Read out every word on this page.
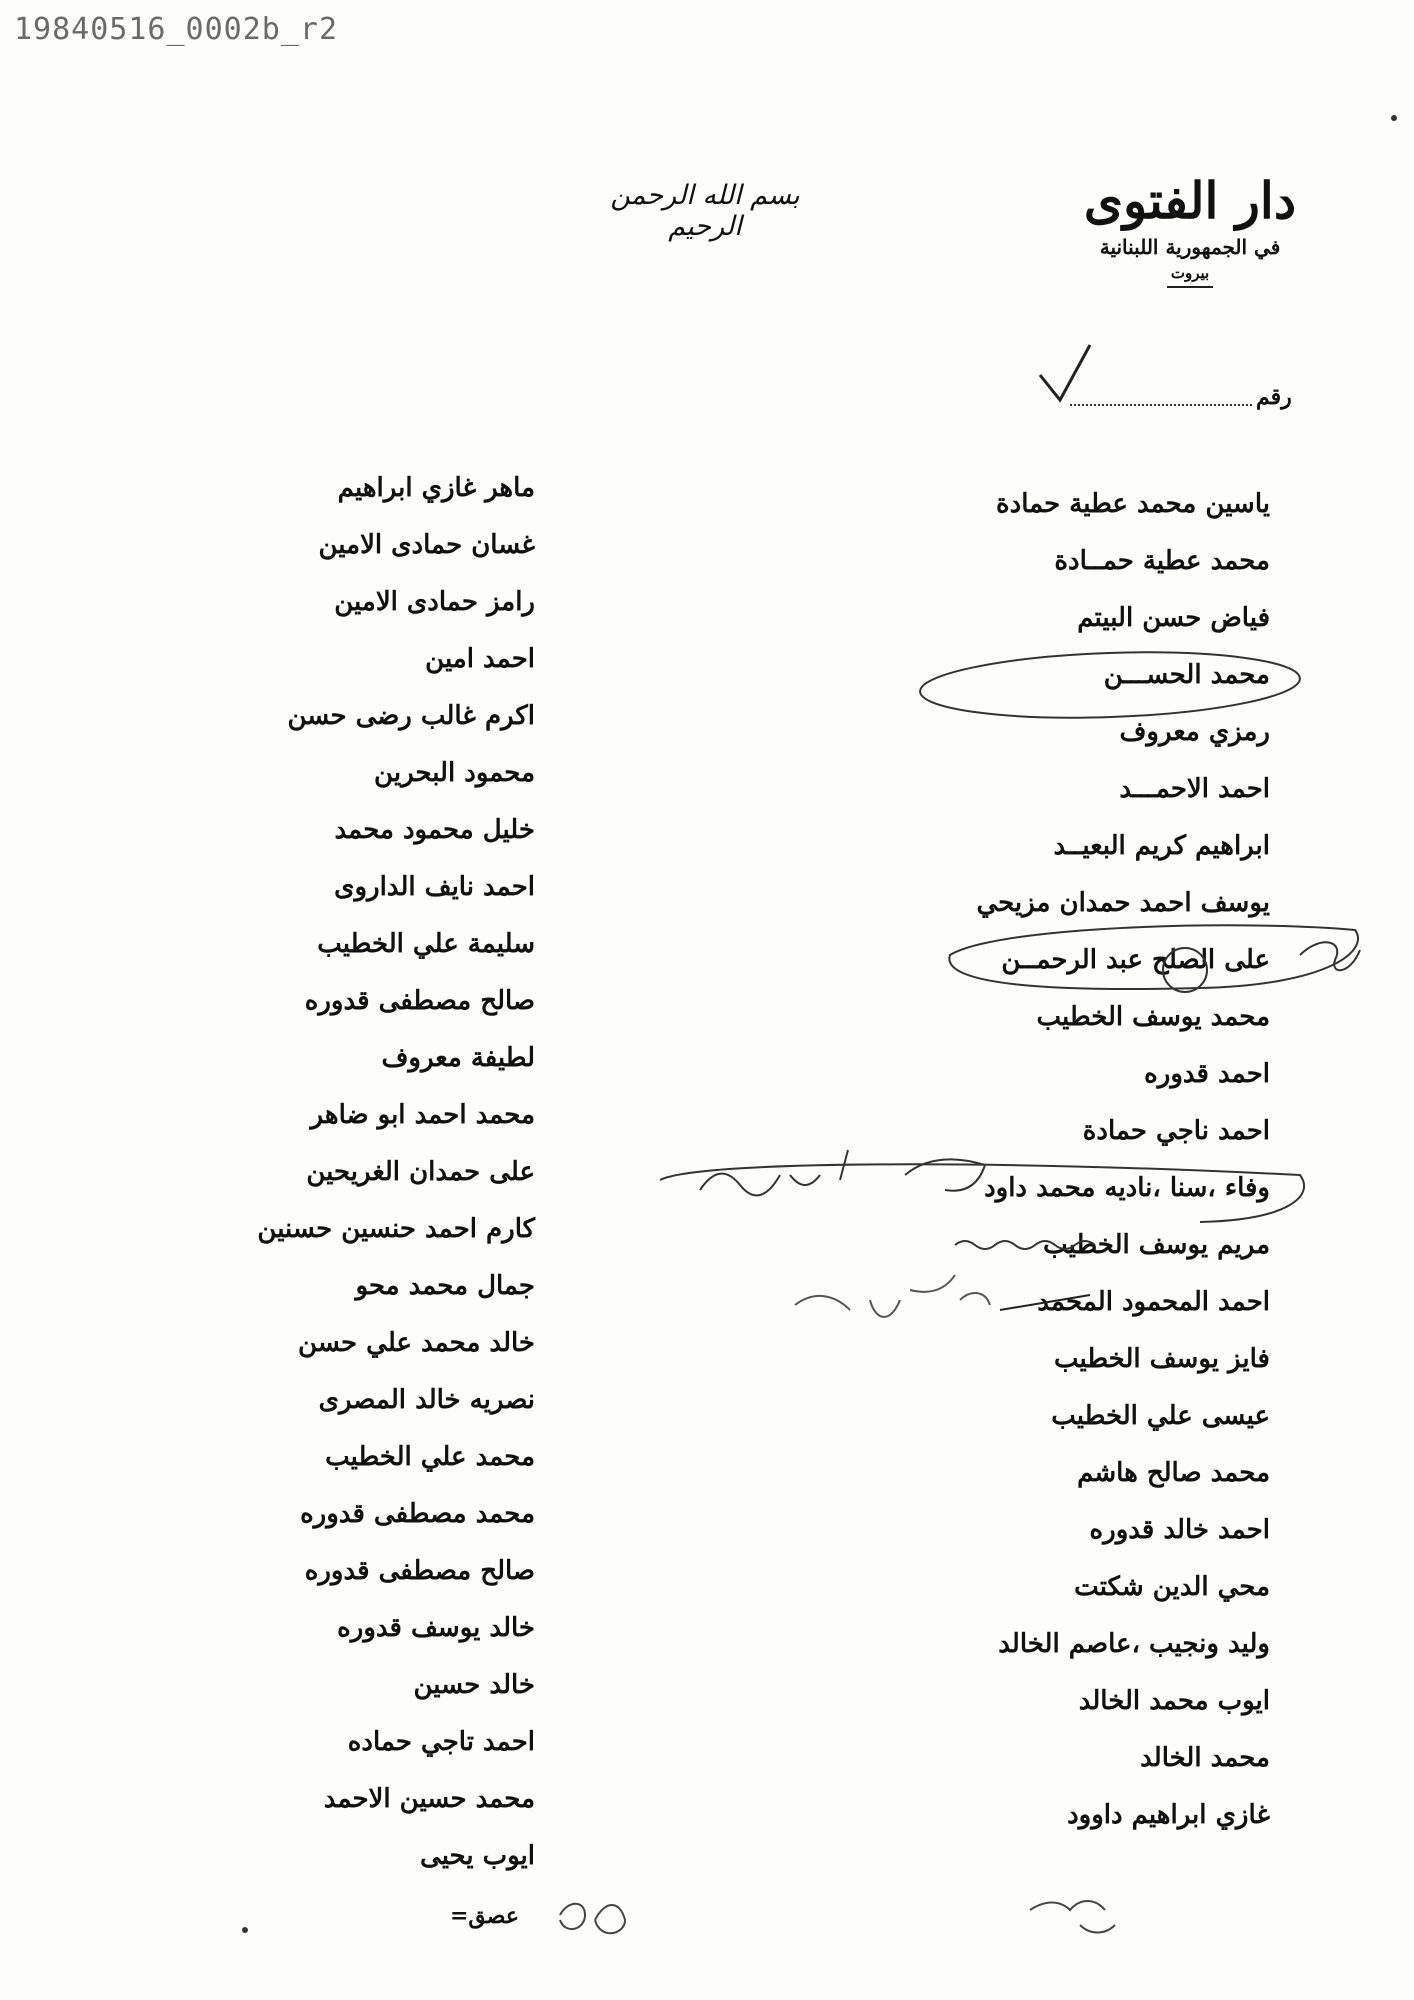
19840516_0002b_r2
بسم الله الرحمن الرحيم	دار الفتوى
في الجمهورية اللبنانية
بيروت
رقم
ياسين محمد عطية حمادة
محمد عطية حمــادة
فياض حسن البيتم
محمد الحســـن
رمزي معروف
احمد الاحمـــد
ابراهيم كريم البعيــد
يوسف احمد حمدان مزيحي
على الصلح عبد الرحمــن
محمد يوسف الخطيب
احمد قدوره
احمد ناجي حمادة
وفاء ،سنا ،ناديه محمد داود
مريم يوسف الخطيب
احمد المحمود المحمد
فايز يوسف الخطيب
عيسى علي الخطيب
محمد صالح هاشم
احمد خالد قدوره
محي الدين شكتت
وليد ونجيب ،عاصم الخالد
ايوب محمد الخالد
محمد الخالد
غازي ابراهيم داوود
ماهر غازي ابراهيم
غسان حمادى الامين
رامز حمادى الامين
احمد امين
اكرم غالب رضى حسن
محمود البحرين
خليل محمود محمد
احمد نايف الداروى
سليمة علي الخطيب
صالح مصطفى قدوره
لطيفة معروف
محمد احمد ابو ضاهر
على حمدان الغريحين
كارم احمد حنسين حسنين
جمال محمد محو
خالد محمد علي حسن
نصريه خالد المصرى
محمد علي الخطيب
محمد مصطفى قدوره
صالح مصطفى قدوره
خالد يوسف قدوره
خالد حسين
احمد تاجي حماده
محمد حسين الاحمد
ايوب يحيى
عصق=
